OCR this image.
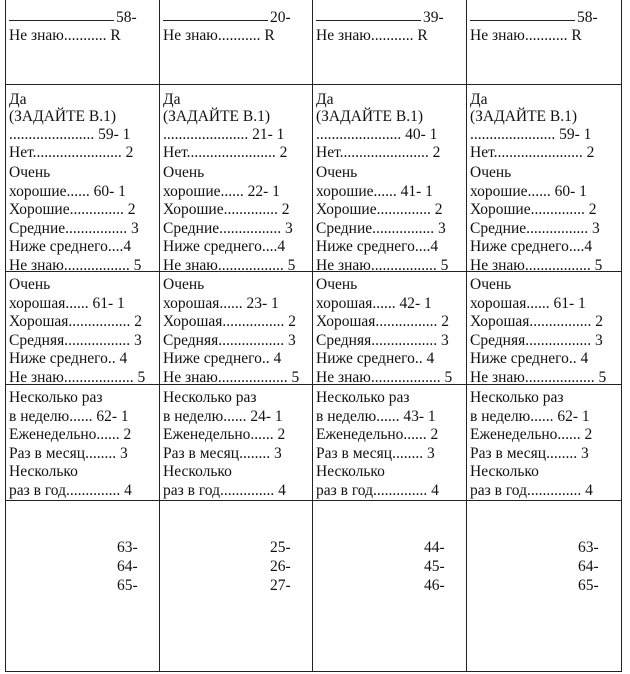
58-
Не знаю........... R
Да
(ЗАДАЙТЕ В.1)
...................... 59- 1
Нет....................... 2
Очень
хорошие...... 60- 1
Хорошие.............. 2
Средние................ 3
Ниже среднего....4
Не знаю................. 5
Очень
хорошая...... 61- 1
Хорошая................ 2
Средняя................. 3
Ниже среднего.. 4
Не знаю.................. 5
Несколько раз
в неделю...... 62- 1
Еженедельно...... 2
Раз в месяц........ 3
Несколько
раз в год.............. 4
63-
64-
65-
20-
Не знаю........... R
Да
(ЗАДАЙТЕ В.1)
...................... 21- 1
Нет....................... 2
Очень
хорошие...... 22- 1
Хорошие.............. 2
Средние................ 3
Ниже среднего....4
Не знаю................. 5
Очень
хорошая...... 23- 1
Хорошая................ 2
Средняя................. 3
Ниже среднего.. 4
Не знаю.................. 5
Несколько раз
в неделю...... 24- 1
Еженедельно...... 2
Раз в месяц........ 3
Несколько
раз в год.............. 4
25-
26-
27-
39-
Не знаю........... R
Да
(ЗАДАЙТЕ В.1)
...................... 40- 1
Нет....................... 2
Очень
хорошие...... 41- 1
Хорошие.............. 2
Средние................ 3
Ниже среднего....4
Не знаю................. 5
Очень
хорошая...... 42- 1
Хорошая................ 2
Средняя................. 3
Ниже среднего.. 4
Не знаю.................. 5
Несколько раз
в неделю...... 43- 1
Еженедельно...... 2
Раз в месяц........ 3
Несколько
раз в год.............. 4
44-
45-
46-
58-
Не знаю........... R
Да
(ЗАДАЙТЕ В.1)
...................... 59- 1
Нет....................... 2
Очень
хорошие...... 60- 1
Хорошие.............. 2
Средние................ 3
Ниже среднего....4
Не знаю................. 5
Очень
хорошая...... 61- 1
Хорошая................ 2
Средняя................. 3
Ниже среднего.. 4
Не знаю.................. 5
Несколько раз
в неделю...... 62- 1
Еженедельно...... 2
Раз в месяц........ 3
Несколько
раз в год.............. 4
63-
64-
65-
